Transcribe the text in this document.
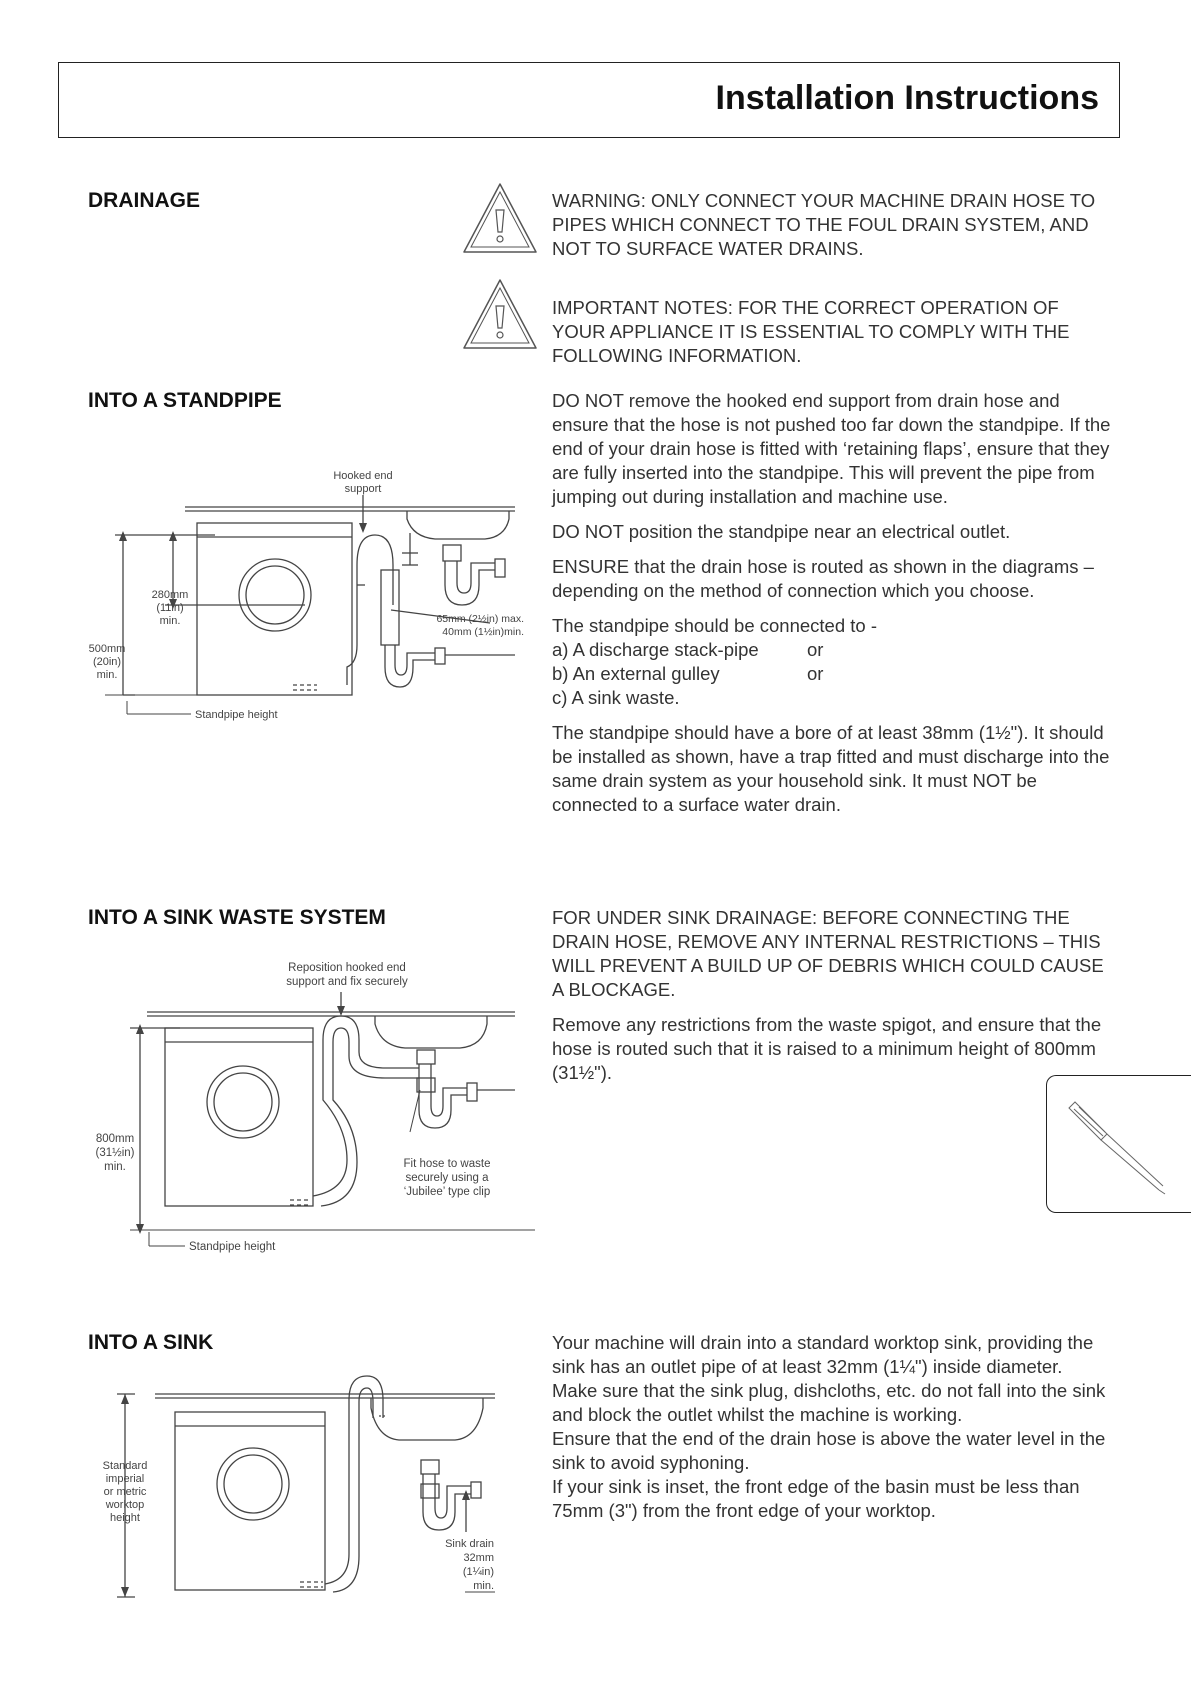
Installation Instructions
DRAINAGE	WARNING: ONLY CONNECT YOUR MACHINE DRAIN HOSE TO PIPES WHICH CONNECT TO THE FOUL DRAIN SYSTEM, AND NOT TO SURFACE WATER DRAINS.

IMPORTANT NOTES: FOR THE CORRECT OPERATION OF YOUR APPLIANCE IT IS ESSENTIAL TO COMPLY WITH THE FOLLOWING INFORMATION.

INTO A STANDPIPE	DO NOT remove the hooked end support from drain hose and ensure that the hose is not pushed too far down the standpipe. If the end of your drain hose is fitted with ‘retaining flaps’, ensure that they are fully inserted into the standpipe. This will prevent the pipe from jumping out during installation and machine use.

DO NOT position the standpipe near an electrical outlet.

ENSURE that the drain hose is routed as shown in the diagrams – depending on the method of connection which you choose.

The standpipe should be connected to -
a) A discharge stack-pipe	or
b) An external gulley	or
c) A sink waste.

The standpipe should have a bore of at least 38mm (1½"). It should be installed as shown, have a trap fitted and must discharge into the same drain system as your household sink. It must NOT be connected to a surface water drain.

Hooked end
support
280mm
(11in)
min.
500mm
(20in)
min.
65mm (2½in) max.
40mm (1½in)min.
Standpipe height
INTO A SINK WASTE SYSTEM	FOR UNDER SINK DRAINAGE: BEFORE CONNECTING THE DRAIN HOSE, REMOVE ANY INTERNAL RESTRICTIONS – THIS WILL PREVENT A BUILD UP OF DEBRIS WHICH COULD CAUSE A BLOCKAGE.

Remove any restrictions from the waste spigot, and ensure that the hose is routed such that it is raised to a minimum height of 800mm (31½").

Reposition hooked end
support and fix securely
800mm
(31½in)
min.	Fit hose to waste
securely using a
‘Jubilee’ type clip
Standpipe height
INTO A SINK	Your machine will drain into a standard worktop sink, providing the sink has an outlet pipe of at least 32mm (1¼") inside diameter.

Make sure that the sink plug, dishcloths, etc. do not fall into the sink and block the outlet whilst the machine is working.

Ensure that the end of the drain hose is above the water level in the sink to avoid syphoning.

If your sink is inset, the front edge of the basin must be less than 75mm (3") from the front edge of your worktop.

Standard
imperial
or metric
worktop
height
Sink drain
32mm
(1¼in)
min.
